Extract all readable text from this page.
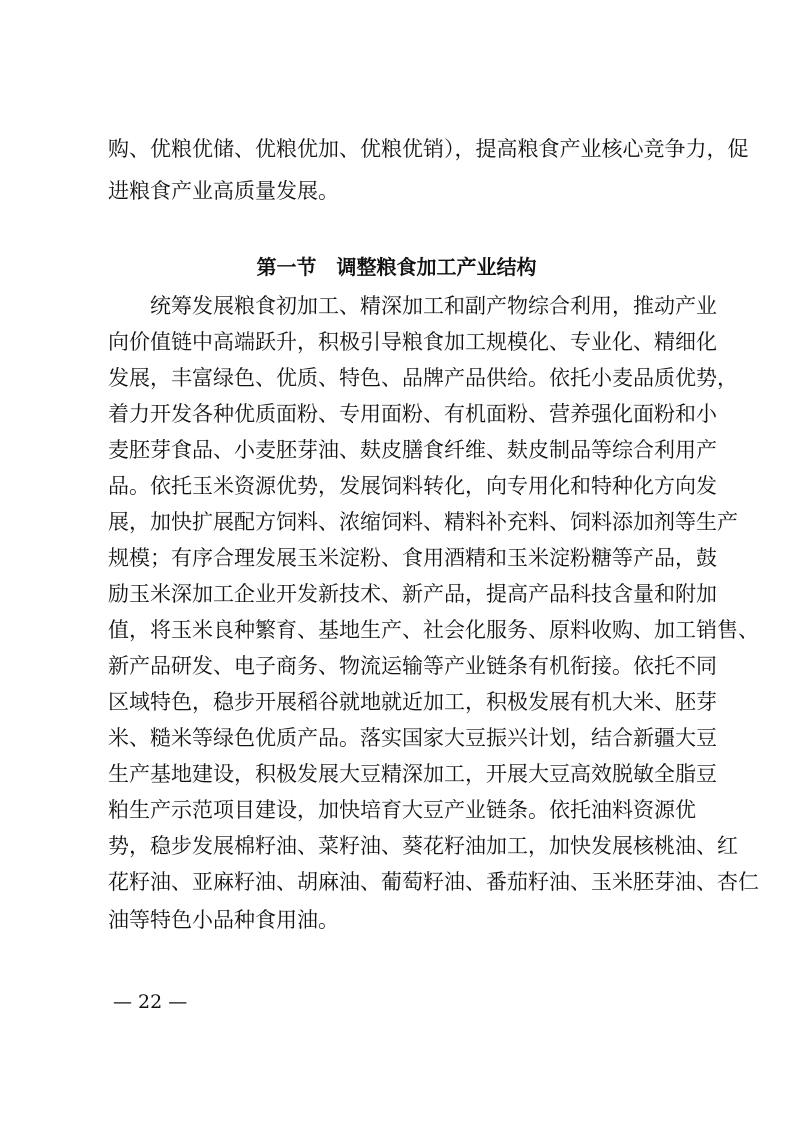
购、优粮优储、优粮优加、优粮优销），提高粮食产业核心竞争力，促

进粮食产业高质量发展。

第一节　调整粮食加工产业结构

　　统筹发展粮食初加工、精深加工和副产物综合利用，推动产业

向价值链中高端跃升，积极引导粮食加工规模化、专业化、精细化

发展，丰富绿色、优质、特色、品牌产品供给。依托小麦品质优势，

着力开发各种优质面粉、专用面粉、有机面粉、营养强化面粉和小

麦胚芽食品、小麦胚芽油、麸皮膳食纤维、麸皮制品等综合利用产

品。依托玉米资源优势，发展饲料转化，向专用化和特种化方向发

展，加快扩展配方饲料、浓缩饲料、精料补充料、饲料添加剂等生产

规模；有序合理发展玉米淀粉、食用酒精和玉米淀粉糖等产品，鼓

励玉米深加工企业开发新技术、新产品，提高产品科技含量和附加

值，将玉米良种繁育、基地生产、社会化服务、原料收购、加工销售、

新产品研发、电子商务、物流运输等产业链条有机衔接。依托不同

区域特色，稳步开展稻谷就地就近加工，积极发展有机大米、胚芽

米、糙米等绿色优质产品。落实国家大豆振兴计划，结合新疆大豆

生产基地建设，积极发展大豆精深加工，开展大豆高效脱敏全脂豆

粕生产示范项目建设，加快培育大豆产业链条。依托油料资源优

势，稳步发展棉籽油、菜籽油、葵花籽油加工，加快发展核桃油、红

花籽油、亚麻籽油、胡麻油、葡萄籽油、番茄籽油、玉米胚芽油、杏仁

油等特色小品种食用油。

— 22 —
